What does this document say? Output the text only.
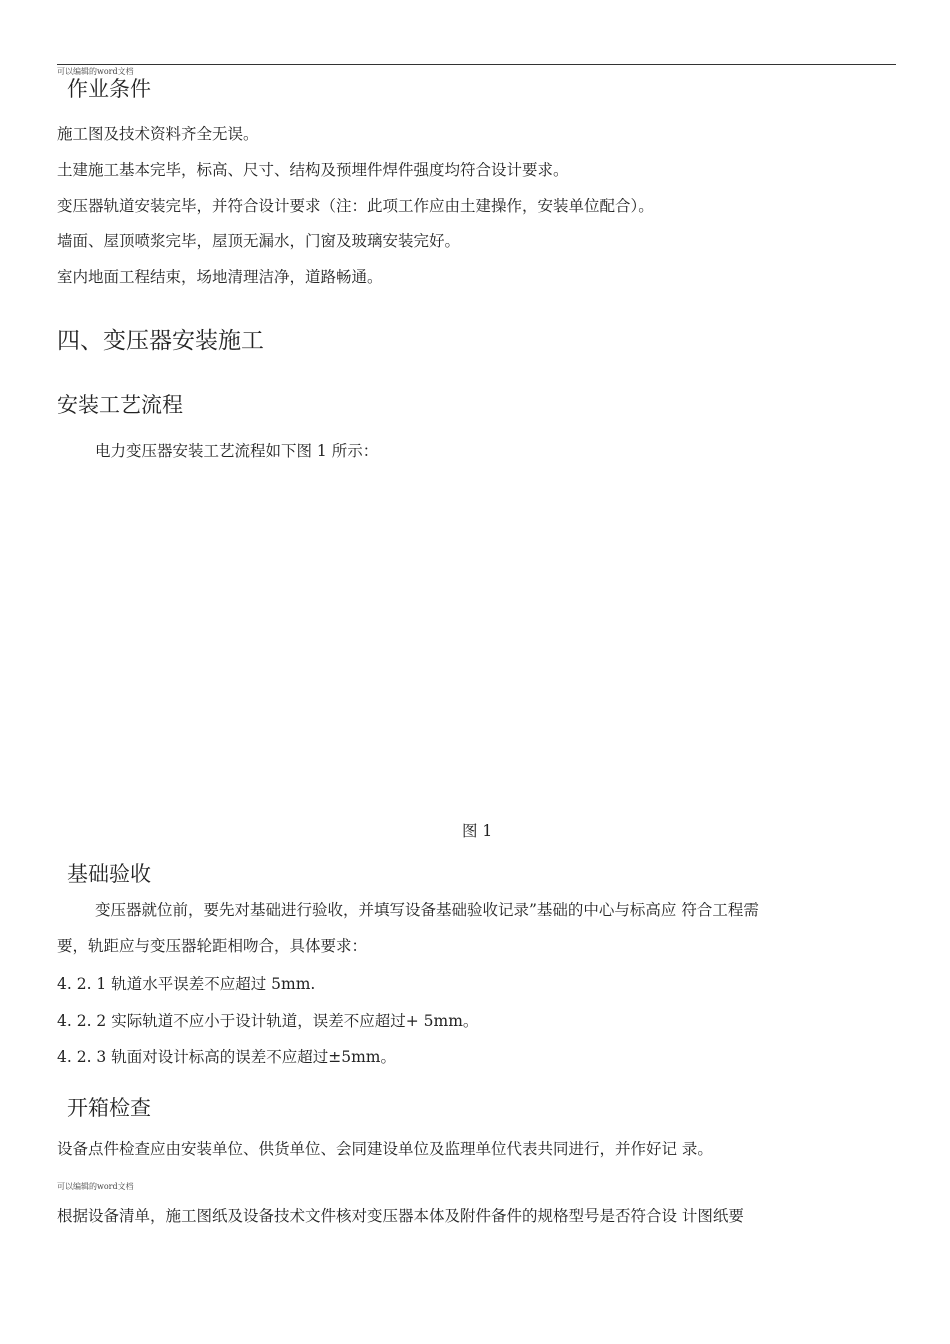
可以编辑的word文档
作业条件
施工图及技术资料齐全无误。
土建施工基本完毕，标高、尺寸、结构及预埋件焊件强度均符合设计要求。
变压器轨道安装完毕，并符合设计要求（注：此项工作应由土建操作，安装单位配合）。
墙面、屋顶喷浆完毕，屋顶无漏水，门窗及玻璃安装完好。
室内地面工程结束，场地清理洁净，道路畅通。
四、变压器安装施工
安装工艺流程
电力变压器安装工艺流程如下图 1 所示：
图 1
基础验收
变压器就位前，要先对基础进行验收，并填写设备基础验收记录”基础的中心与标高应 符合工程需
要，轨距应与变压器轮距相吻合，具体要求：
4. 2. 1 轨道水平误差不应超过 5mm.
4. 2. 2 实际轨道不应小于设计轨道，误差不应超过+ 5mm。
4. 2. 3 轨面对设计标高的误差不应超过±5mm。
开箱检查
设备点件检查应由安装单位、供货单位、会同建设单位及监理单位代表共同进行，并作好记 录。
可以编辑的word文档
根据设备清单，施工图纸及设备技术文件核对变压器本体及附件备件的规格型号是否符合设 计图纸要
